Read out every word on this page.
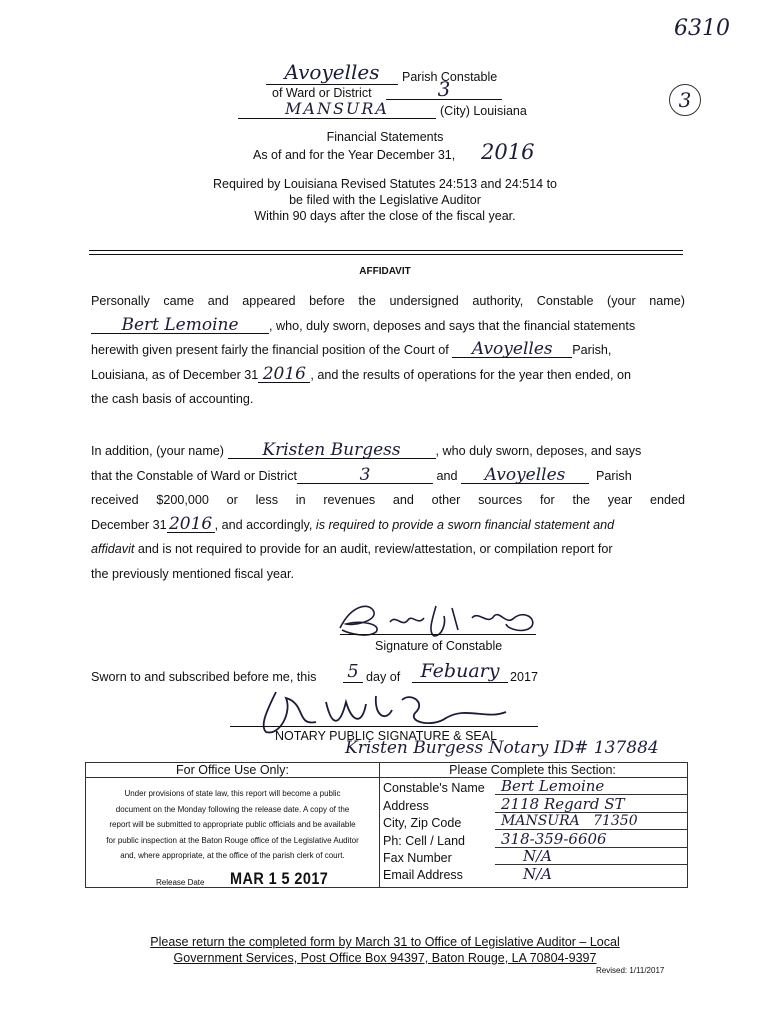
6310
3
Avoyelles	Parish Constable
of Ward or District	3
MANSURA	(City) Louisiana
Financial Statements
As of and for the Year December 31, 2016
Required by Louisiana Revised Statutes 24:513 and 24:514 to
be filed with the Legislative Auditor
Within 90 days after the close of the fiscal year.
AFFIDAVIT
Personally came and appeared before the undersigned authority, Constable (your name)
Bert Lemoine , who, duly sworn, deposes and says that the financial statements
herewith given present fairly the financial position of the Court of Avoyelles Parish,
Louisiana, as of December 31 2016 , and the results of operations for the year then ended, on
the cash basis of accounting.
In addition, (your name) Kristen Burgess	, who duly sworn, deposes, and says
that the Constable of Ward or District	3	and Avoyelles Parish
received $200,000 or less in revenues and other sources for the year ended
December 31 2016 , and accordingly, is required to provide a sworn financial statement and
affidavit and is not required to provide for an audit, review/attestation, or compilation report for
the previously mentioned fiscal year.
Signature of Constable
Sworn to and subscribed before me, this 5 day of	Febuary 2017
NOTARY PUBLIC SIGNATURE & SEAL
Kristen Burgess Notary ID# 137884
For Office Use Only:
Under provisions of state law, this report will become a public
document on the Monday following the release date. A copy of the
report will be submitted to appropriate public officials and be available
for public inspection at the Baton Rouge office of the Legislative Auditor
and, where appropriate, at the office of the parish clerk of court.
Release Date MAR 1 5 2017
Please Complete this Section:
Constable's Name	Bert Lemoine
Address	2118 Regard ST
City, Zip Code	MANSURA   71350
Ph: Cell / Land	318-359-6606
Fax Number	N/A
Email Address	N/A
Please return the completed form by March 31 to Office of Legislative Auditor – Local
Government Services, Post Office Box 94397, Baton Rouge, LA 70804-9397
Revised: 1/11/2017
